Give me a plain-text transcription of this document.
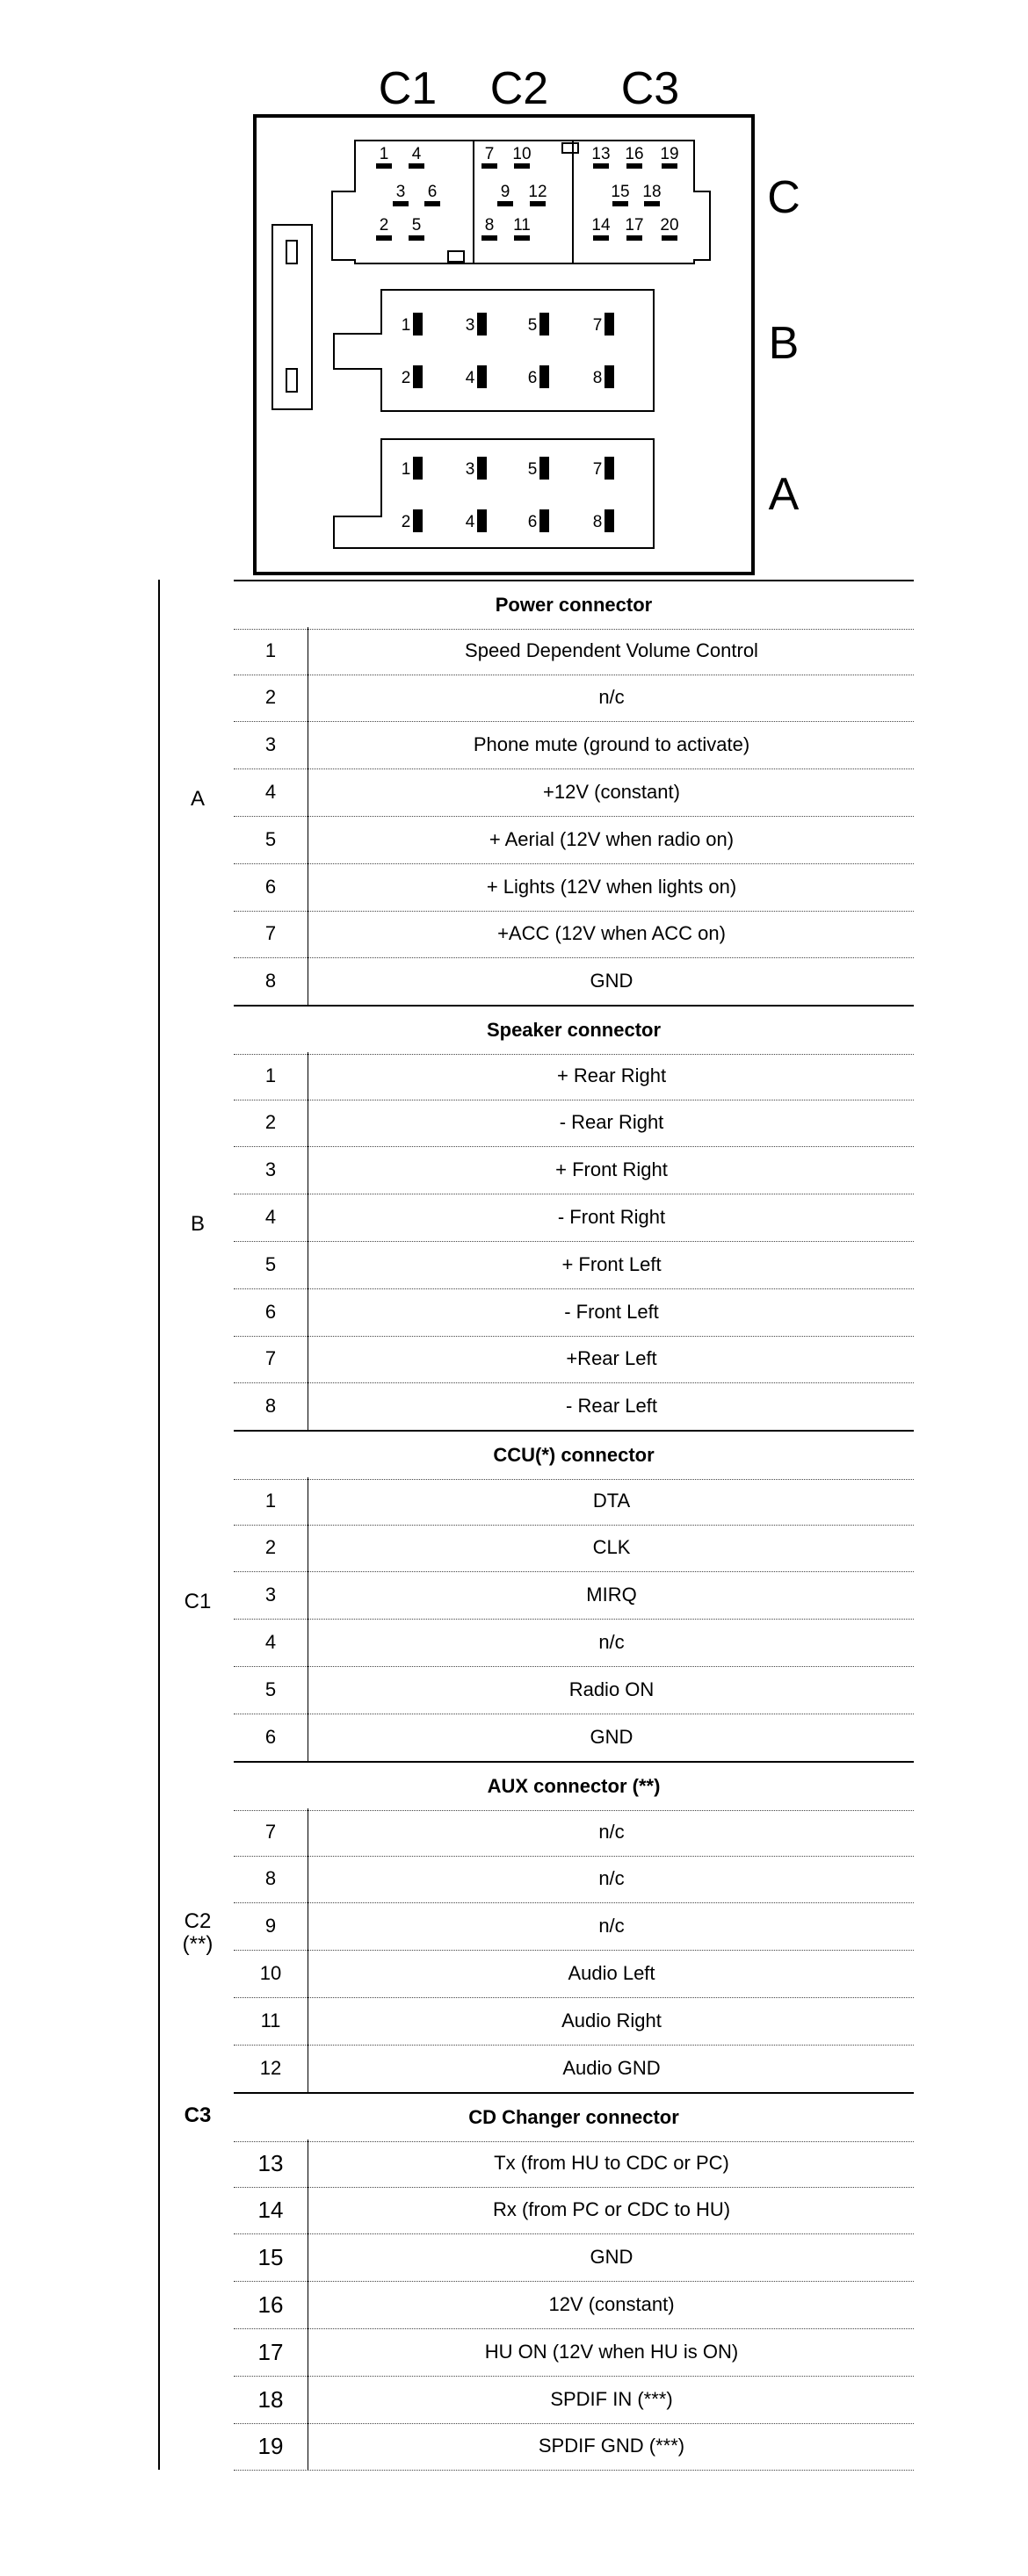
C1 C2 C3
1 4	7 10	13 16 19
3 6	9 12	15 18
2 5	8 11	14 17 20
1
2
3
4
5
6
7
8
1
2
3
4
5
6
7
8
C
B
A
A
Power connector
1	Speed Dependent Volume Control
2	n/c
3	Phone mute (ground to activate)
4	+12V (constant)
5	+ Aerial (12V when radio on)
6	+ Lights (12V when lights on)
7	+ACC (12V when ACC on)
8	GND
B
Speaker connector
1	+ Rear Right
2	- Rear Right
3	+ Front Right
4	- Front Right
5	+ Front Left
6	- Front Left
7	+Rear Left
8	- Rear Left
C1
CCU(*) connector
1	DTA
2	CLK
3	MIRQ
4	n/c
5	Radio ON
6	GND
C2
(**)
AUX connector (**)
7	n/c
8	n/c
9	n/c
10	Audio Left
11	Audio Right
12	Audio GND
C3	CD Changer connector
13	Tx (from HU to CDC or PC)
14	Rx (from PC or CDC to HU)
15	GND
16	12V (constant)
17	HU ON (12V when HU is ON)
18	SPDIF IN (***)
19	SPDIF GND (***)
